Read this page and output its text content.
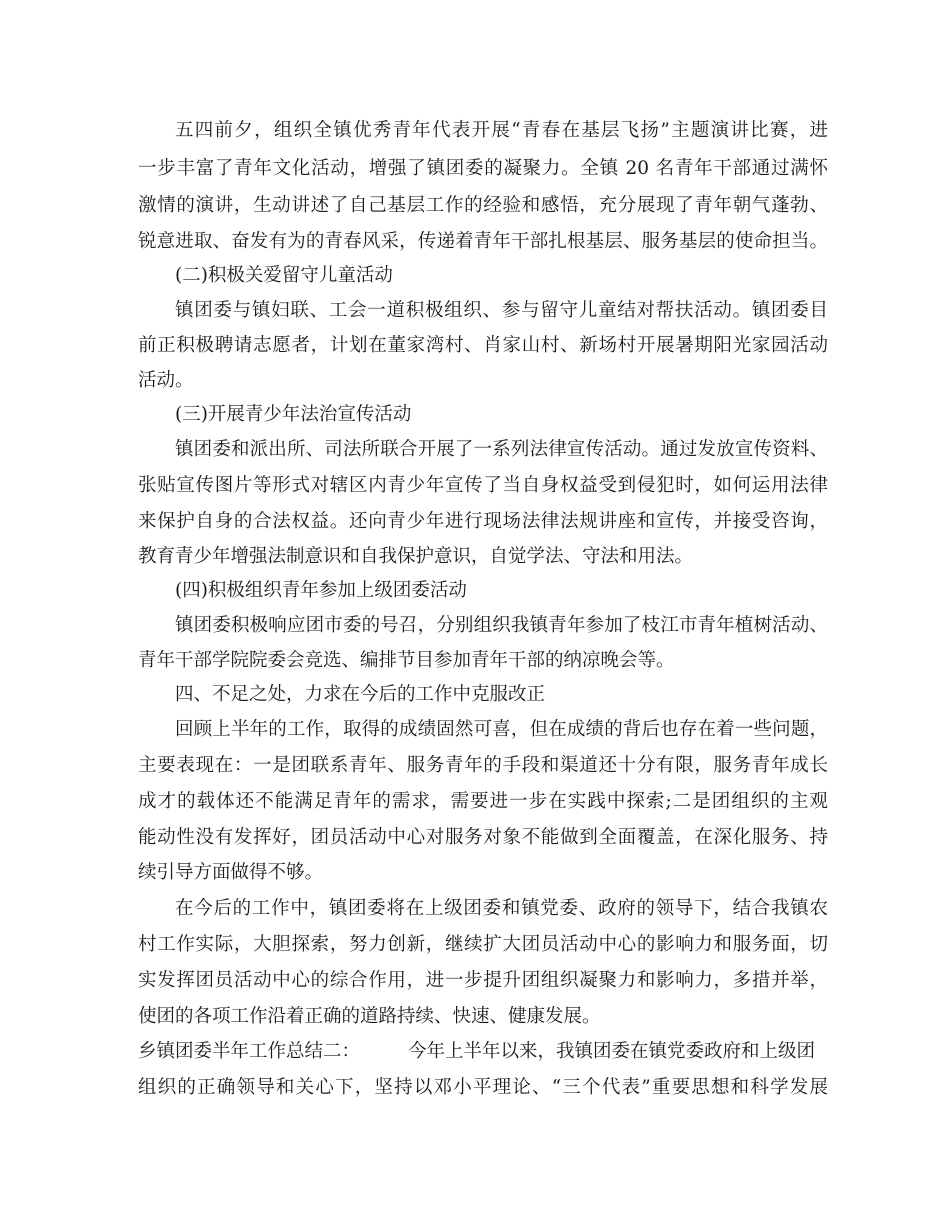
五四前夕，组织全镇优秀青年代表开展“青春在基层飞扬”主题演讲比赛，进
一步丰富了青年文化活动，增强了镇团委的凝聚力。全镇 20 名青年干部通过满怀
激情的演讲，生动讲述了自己基层工作的经验和感悟，充分展现了青年朝气蓬勃、
锐意进取、奋发有为的青春风采，传递着青年干部扎根基层、服务基层的使命担当。
(二)积极关爱留守儿童活动
镇团委与镇妇联、工会一道积极组织、参与留守儿童结对帮扶活动。镇团委目
前正积极聘请志愿者，计划在董家湾村、肖家山村、新场村开展暑期阳光家园活动
活动。
(三)开展青少年法治宣传活动
镇团委和派出所、司法所联合开展了一系列法律宣传活动。通过发放宣传资料、
张贴宣传图片等形式对辖区内青少年宣传了当自身权益受到侵犯时，如何运用法律
来保护自身的合法权益。还向青少年进行现场法律法规讲座和宣传，并接受咨询，
教育青少年增强法制意识和自我保护意识，自觉学法、守法和用法。
(四)积极组织青年参加上级团委活动
镇团委积极响应团市委的号召，分别组织我镇青年参加了枝江市青年植树活动、
青年干部学院院委会竞选、编排节目参加青年干部的纳凉晚会等。
四、不足之处，力求在今后的工作中克服改正
回顾上半年的工作，取得的成绩固然可喜，但在成绩的背后也存在着一些问题，
主要表现在：一是团联系青年、服务青年的手段和渠道还十分有限，服务青年成长
成才的载体还不能满足青年的需求，需要进一步在实践中探索;二是团组织的主观
能动性没有发挥好，团员活动中心对服务对象不能做到全面覆盖，在深化服务、持
续引导方面做得不够。
在今后的工作中，镇团委将在上级团委和镇党委、政府的领导下，结合我镇农
村工作实际，大胆探索，努力创新，继续扩大团员活动中心的影响力和服务面，切
实发挥团员活动中心的综合作用，进一步提升团组织凝聚力和影响力，多措并举，
使团的各项工作沿着正确的道路持续、快速、健康发展。
乡镇团委半年工作总结二：	今年上半年以来，我镇团委在镇党委政府和上级团
组织的正确领导和关心下，坚持以邓小平理论、“三个代表”重要思想和科学发展
